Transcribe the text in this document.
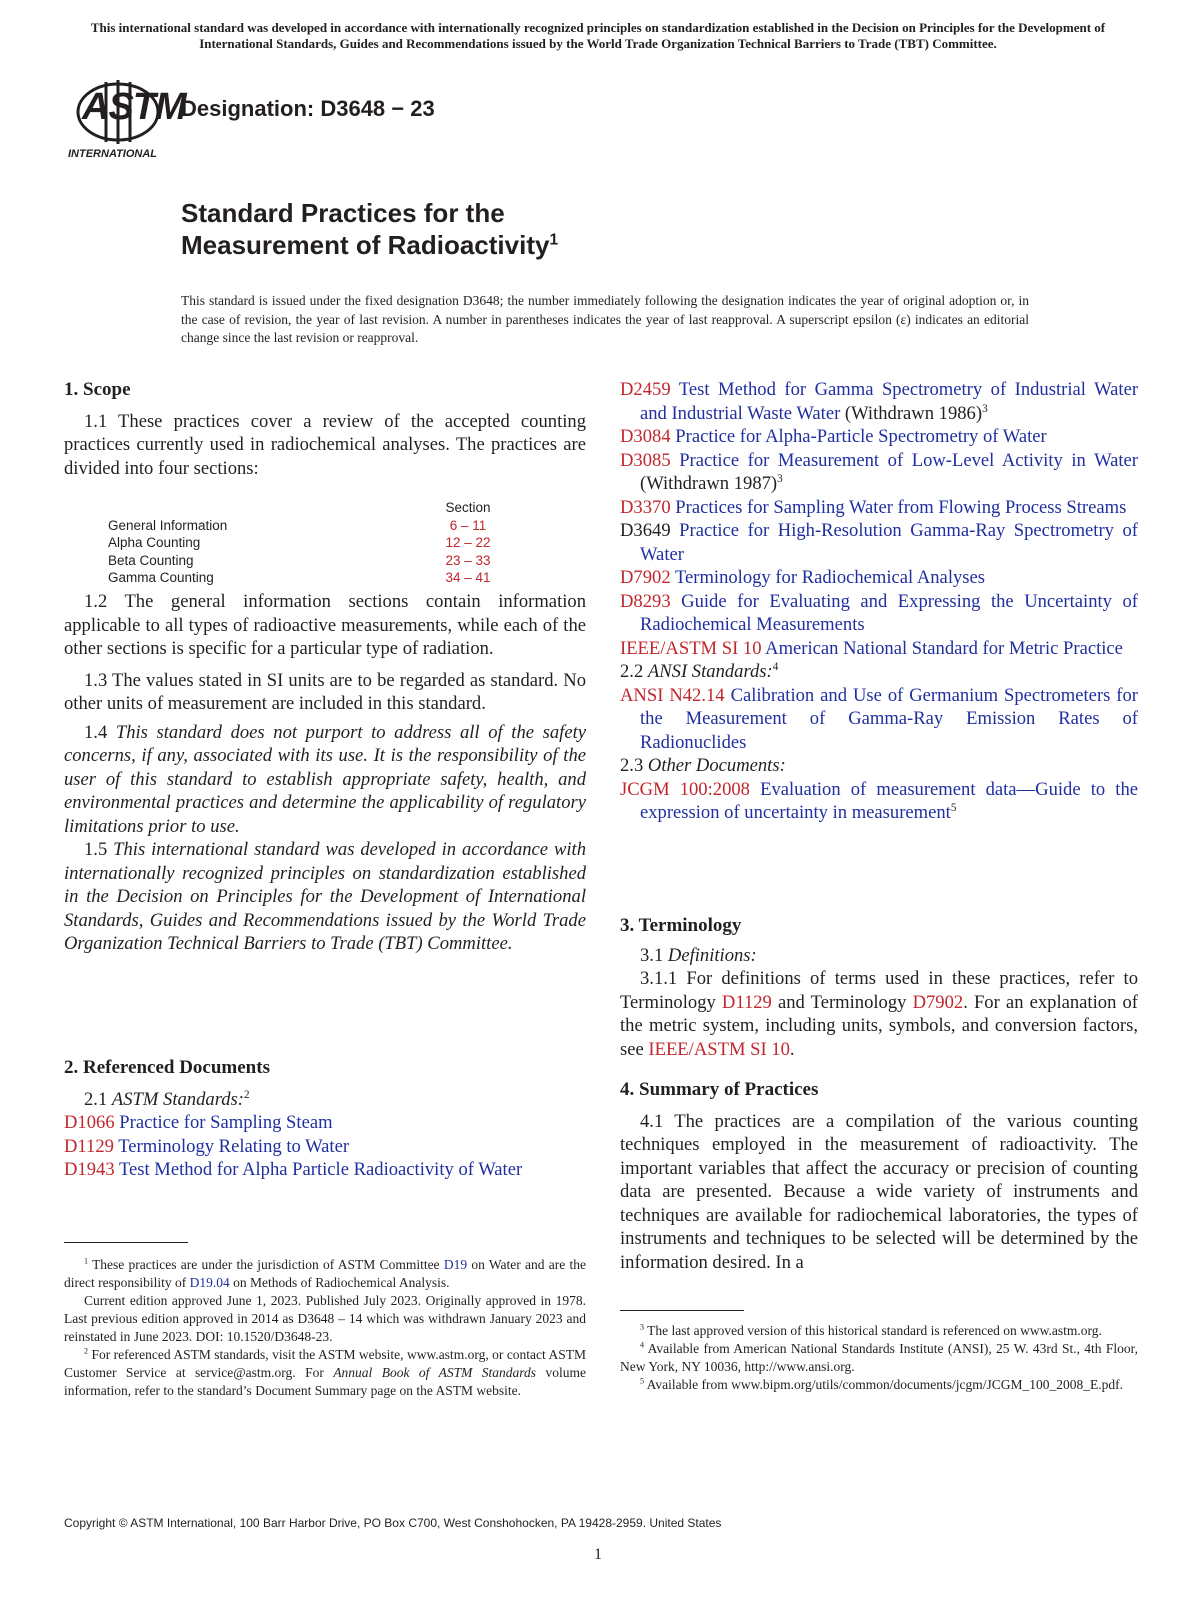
This international standard was developed in accordance with internationally recognized principles on standardization established in the Decision on Principles for the Development of International Standards, Guides and Recommendations issued by the World Trade Organization Technical Barriers to Trade (TBT) Committee.
ASTM
INTERNATIONAL
Designation: D3648 − 23
Standard Practices for the
Measurement of Radioactivity$^1$
This standard is issued under the fixed designation D3648; the number immediately following the designation indicates the year of original adoption or, in the case of revision, the year of last revision. A number in parentheses indicates the year of last reapproval. A superscript epsilon (ε) indicates an editorial change since the last revision or reapproval.
1. Scope

1.1 These practices cover a review of the accepted counting practices currently used in radiochemical analyses. The practices are divided into four sections:

Section
General Information	6 – 11
Alpha Counting	12 – 22
Beta Counting	23 – 33
Gamma Counting	34 – 41

1.2 The general information sections contain information applicable to all types of radioactive measurements, while each of the other sections is specific for a particular type of radiation.

1.3 The values stated in SI units are to be regarded as standard. No other units of measurement are included in this standard.

1.4 This standard does not purport to address all of the safety concerns, if any, associated with its use. It is the responsibility of the user of this standard to establish appropriate safety, health, and environmental practices and determine the applicability of regulatory limitations prior to use.

1.5 This international standard was developed in accordance with internationally recognized principles on standardization established in the Decision on Principles for the Development of International Standards, Guides and Recommendations issued by the World Trade Organization Technical Barriers to Trade (TBT) Committee.

2. Referenced Documents

2.1 ASTM Standards:$^2$

D1066 Practice for Sampling Steam
D1129 Terminology Relating to Water
D1943 Test Method for Alpha Particle Radioactivity of Water

$^1$ These practices are under the jurisdiction of ASTM Committee D19 on Water and are the direct responsibility of D19.04 on Methods of Radiochemical Analysis.

Current edition approved June 1, 2023. Published July 2023. Originally approved in 1978. Last previous edition approved in 2014 as D3648 – 14 which was withdrawn January 2023 and reinstated in June 2023. DOI: 10.1520/D3648-23.

$^2$ For referenced ASTM standards, visit the ASTM website, www.astm.org, or contact ASTM Customer Service at service@astm.org. For Annual Book of ASTM Standards volume information, refer to the standard’s Document Summary page on the ASTM website.

D2459 Test Method for Gamma Spectrometry of Industrial Water and Industrial Waste Water (Withdrawn 1986)$^3$
D3084 Practice for Alpha-Particle Spectrometry of Water
D3085 Practice for Measurement of Low-Level Activity in Water (Withdrawn 1987)$^3$
D3370 Practices for Sampling Water from Flowing Process Streams
D3649 Practice for High-Resolution Gamma-Ray Spectrometry of Water
D7902 Terminology for Radiochemical Analyses
D8293 Guide for Evaluating and Expressing the Uncertainty of Radiochemical Measurements
IEEE/ASTM SI 10 American National Standard for Metric Practice

2.2 ANSI Standards:$^4$

ANSI N42.14 Calibration and Use of Germanium Spectrometers for the Measurement of Gamma-Ray Emission Rates of Radionuclides

2.3 Other Documents:

JCGM 100:2008 Evaluation of measurement data—Guide to the expression of uncertainty in measurement$^5$
3. Terminology

3.1 Definitions:

3.1.1 For definitions of terms used in these practices, refer to Terminology D1129 and Terminology D7902. For an explanation of the metric system, including units, symbols, and conversion factors, see IEEE/ASTM SI 10.

4. Summary of Practices

4.1 The practices are a compilation of the various counting techniques employed in the measurement of radioactivity. The important variables that affect the accuracy or precision of counting data are presented. Because a wide variety of instruments and techniques are available for radiochemical laboratories, the types of instruments and techniques to be selected will be determined by the information desired. In a

$^3$ The last approved version of this historical standard is referenced on www.astm.org.

$^4$ Available from American National Standards Institute (ANSI), 25 W. 43rd St., 4th Floor, New York, NY 10036, http://www.ansi.org.

$^5$ Available from www.bipm.org/utils/common/documents/jcgm/JCGM_100_2008_E.pdf.

Copyright © ASTM International, 100 Barr Harbor Drive, PO Box C700, West Conshohocken, PA 19428-2959. United States
1
